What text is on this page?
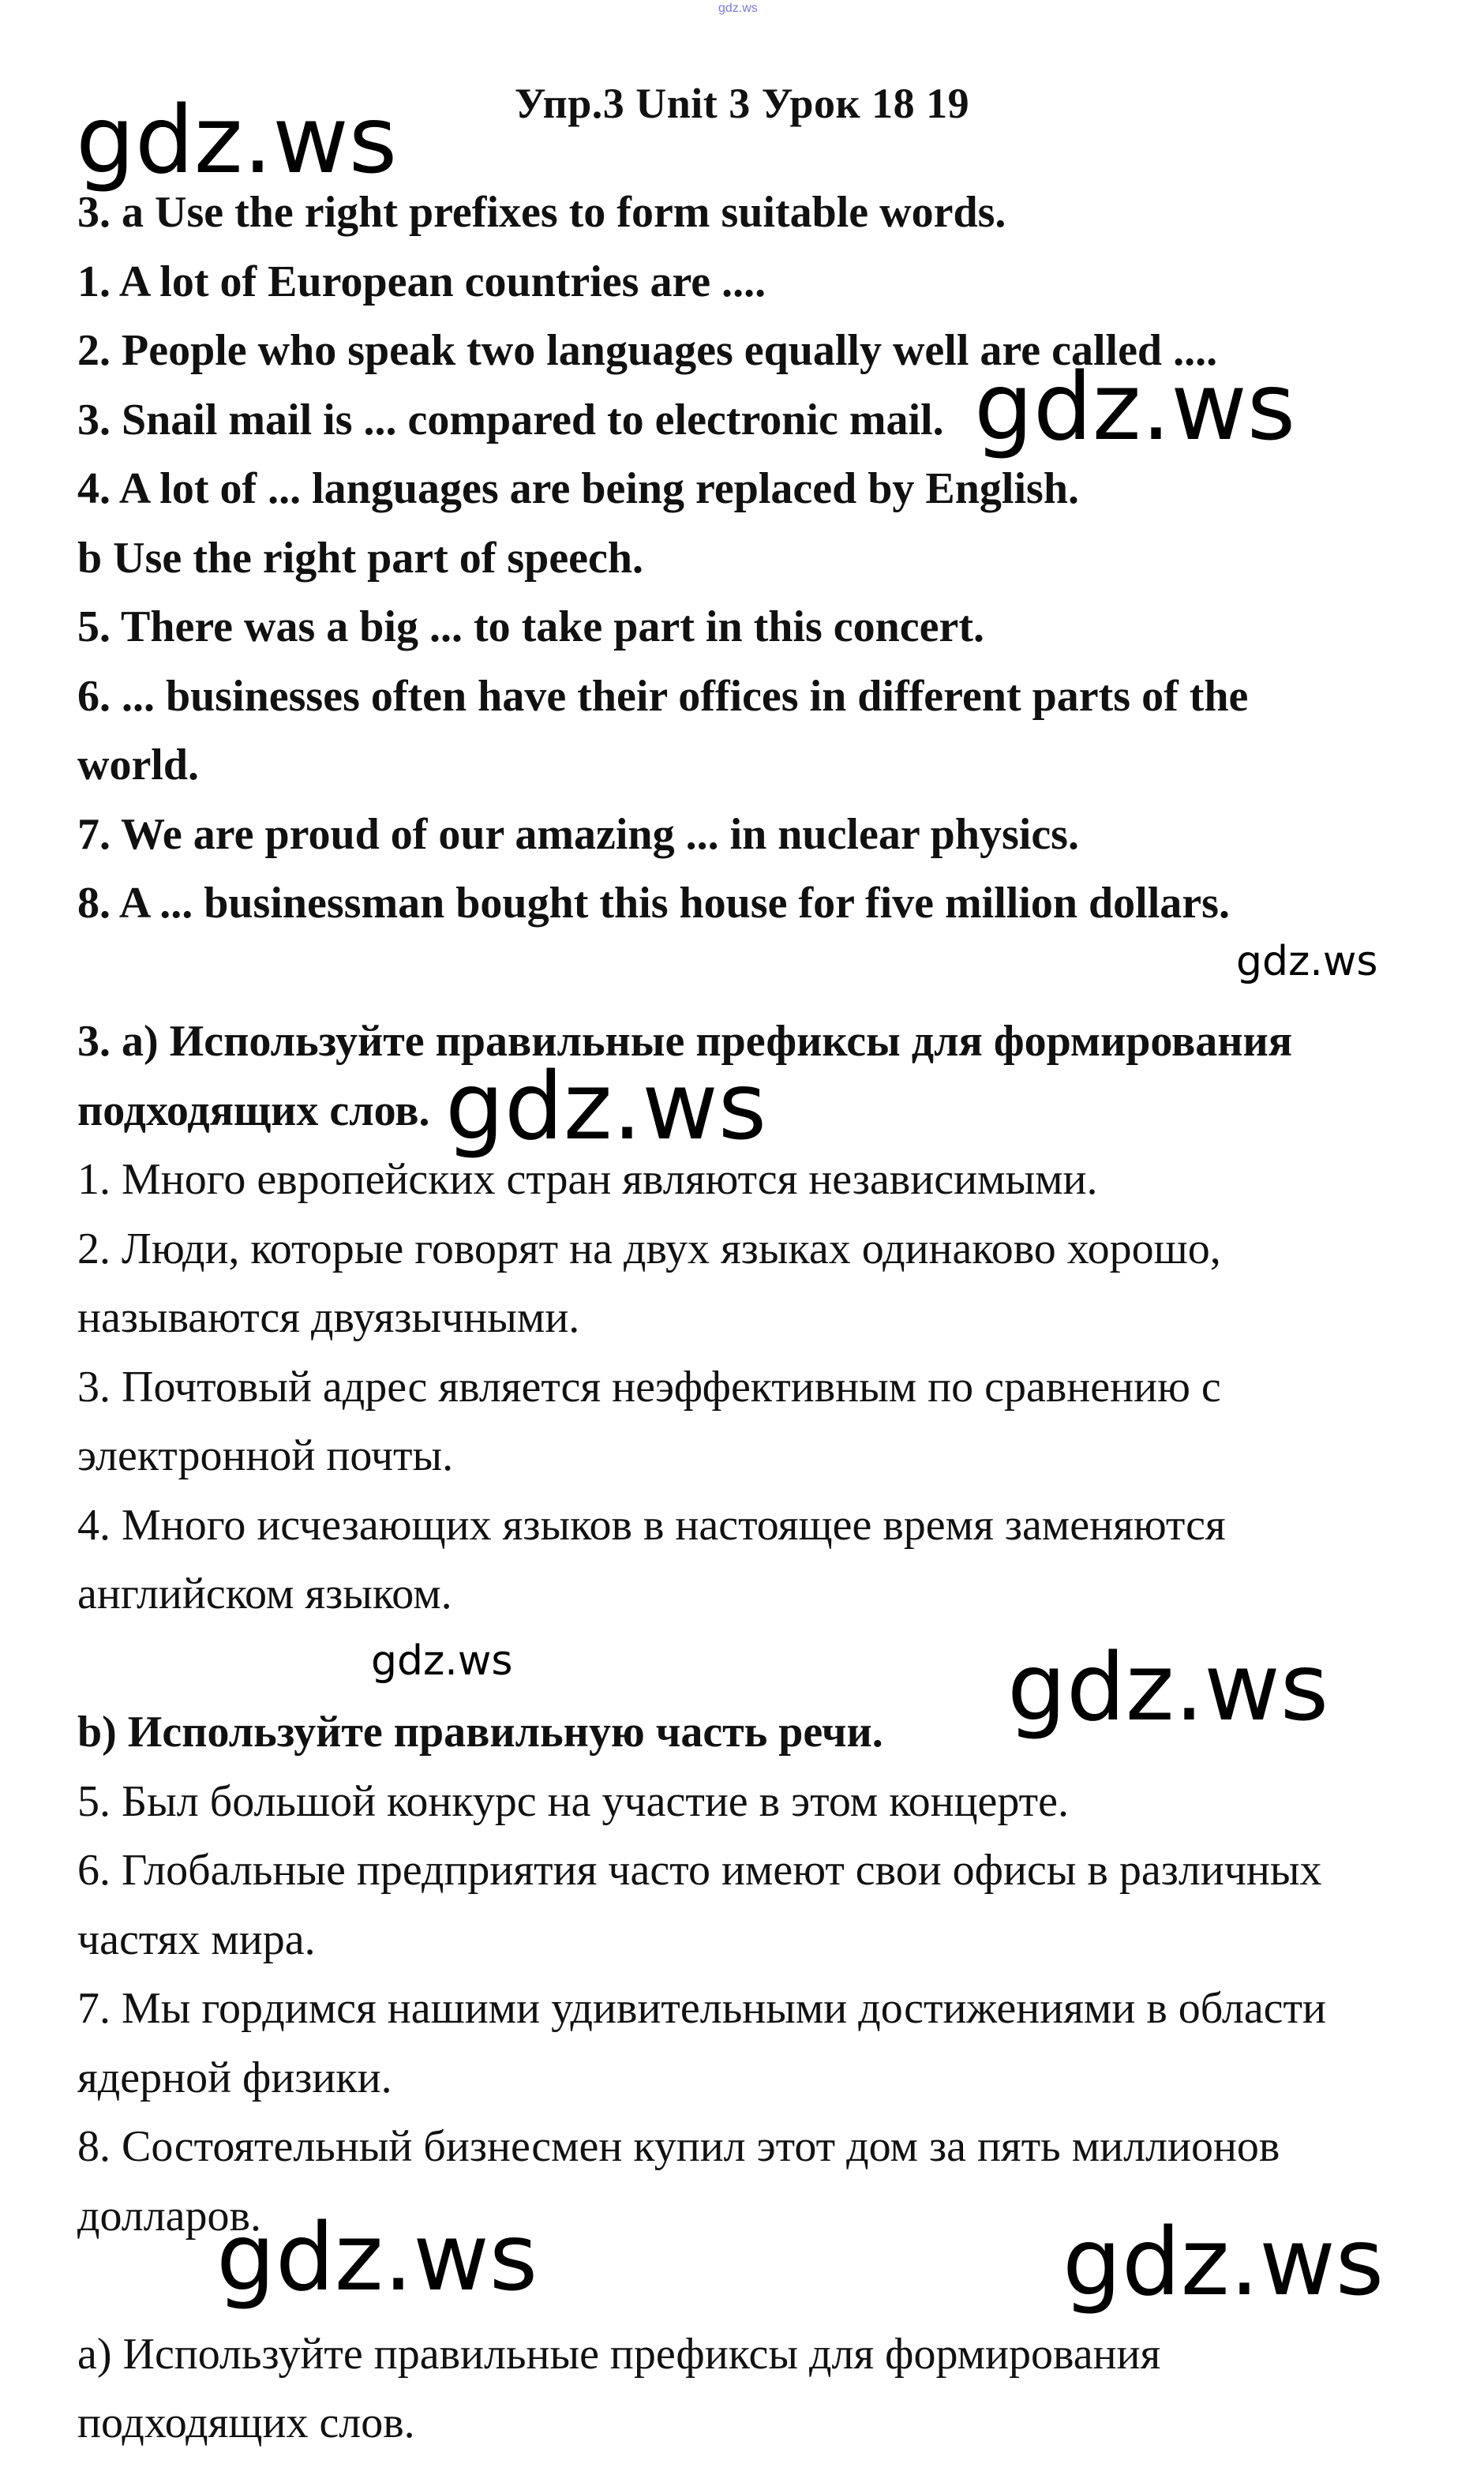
gdz.ws
Упр.3 Unit 3 Урок 18 19
3. a Use the right prefixes to form suitable words.
1. A lot of European countries are ....
2. People who speak two languages equally well are called ....
3. Snail mail is ... compared to electronic mail.
4. A lot of ... languages are being replaced by English.
b Use the right part of speech.
5. There was a big ... to take part in this concert.
6. ... businesses often have their offices in different parts of the
world.
7. We are proud of our amazing ... in nuclear physics.
8. A ... businessman bought this house for five million dollars.
3. а) Используйте правильные префиксы для формирования
подходящих слов.
1. Много европейских стран являются независимыми.
2. Люди, которые говорят на двух языках одинаково хорошо,
называются двуязычными.
3. Почтовый адрес является неэффективным по сравнению с
электронной почты.
4. Много исчезающих языков в настоящее время заменяются
английском языком.
b) Используйте правильную часть речи.
5. Был большой конкурс на участие в этом концерте.
6. Глобальные предприятия часто имеют свои офисы в различных
частях мира.
7. Мы гордимся нашими удивительными достижениями в области
ядерной физики.
8. Состоятельный бизнесмен купил этот дом за пять миллионов
долларов.
а) Используйте правильные префиксы для формирования
подходящих слов.
gdz.ws
gdz.ws
gdz.ws
gdz.ws
gdz.ws	gdz.ws
gdz.ws	gdz.ws
